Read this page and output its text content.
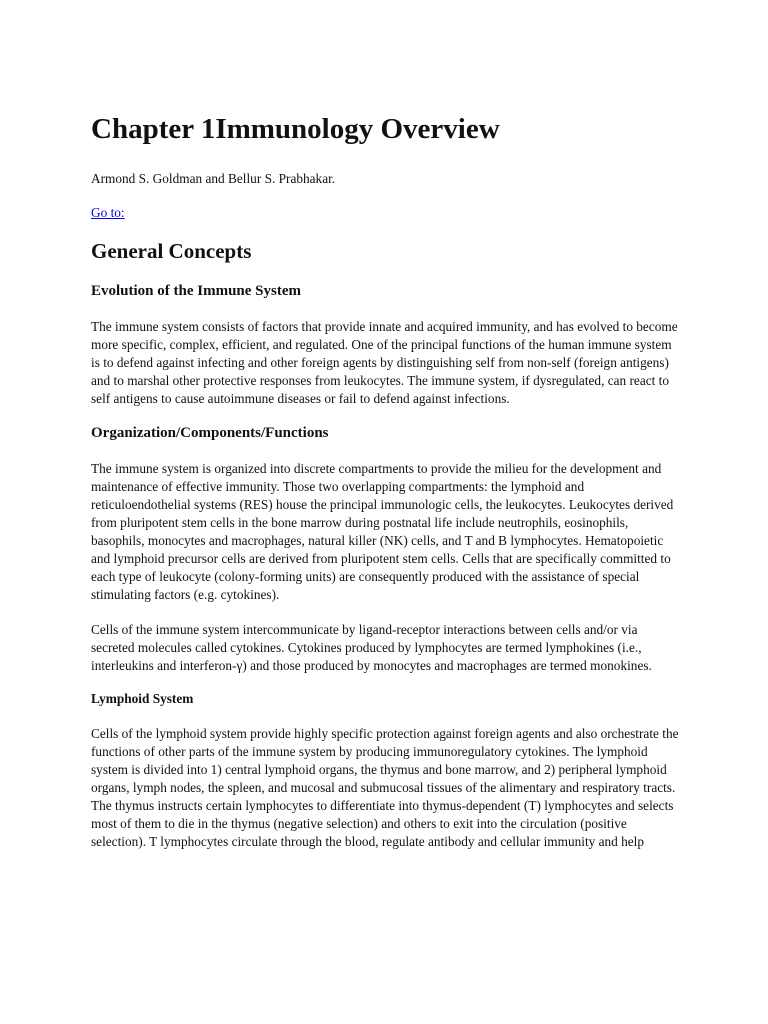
Chapter 1Immunology Overview

Armond S. Goldman and Bellur S. Prabhakar.

Go to:

General Concepts
Evolution of the Immune System

The immune system consists of factors that provide innate and acquired immunity, and has evolved to become more specific, complex, efficient, and regulated. One of the principal functions of the human immune system is to defend against infecting and other foreign agents by distinguishing self from non-self (foreign antigens) and to marshal other protective responses from leukocytes. The immune system, if dysregulated, can react to self antigens to cause autoimmune diseases or fail to defend against infections.

Organization/Components/Functions

The immune system is organized into discrete compartments to provide the milieu for the development and maintenance of effective immunity. Those two overlapping compartments: the lymphoid and reticuloendothelial systems (RES) house the principal immunologic cells, the leukocytes. Leukocytes derived from pluripotent stem cells in the bone marrow during postnatal life include neutrophils, eosinophils, basophils, monocytes and macrophages, natural killer (NK) cells, and T and B lymphocytes. Hematopoietic and lymphoid precursor cells are derived from pluripotent stem cells. Cells that are specifically committed to each type of leukocyte (colony-forming units) are consequently produced with the assistance of special stimulating factors (e.g. cytokines).

Cells of the immune system intercommunicate by ligand-receptor interactions between cells and/or via secreted molecules called cytokines. Cytokines produced by lymphocytes are termed lymphokines (i.e., interleukins and interferon-γ) and those produced by monocytes and macrophages are termed monokines.

Lymphoid System

Cells of the lymphoid system provide highly specific protection against foreign agents and also orchestrate the functions of other parts of the immune system by producing immunoregulatory cytokines. The lymphoid system is divided into 1) central lymphoid organs, the thymus and bone marrow, and 2) peripheral lymphoid organs, lymph nodes, the spleen, and mucosal and submucosal tissues of the alimentary and respiratory tracts. The thymus instructs certain lymphocytes to differentiate into thymus-dependent (T) lymphocytes and selects most of them to die in the thymus (negative selection) and others to exit into the circulation (positive selection). T lymphocytes circulate through the blood, regulate antibody and cellular immunity and help
